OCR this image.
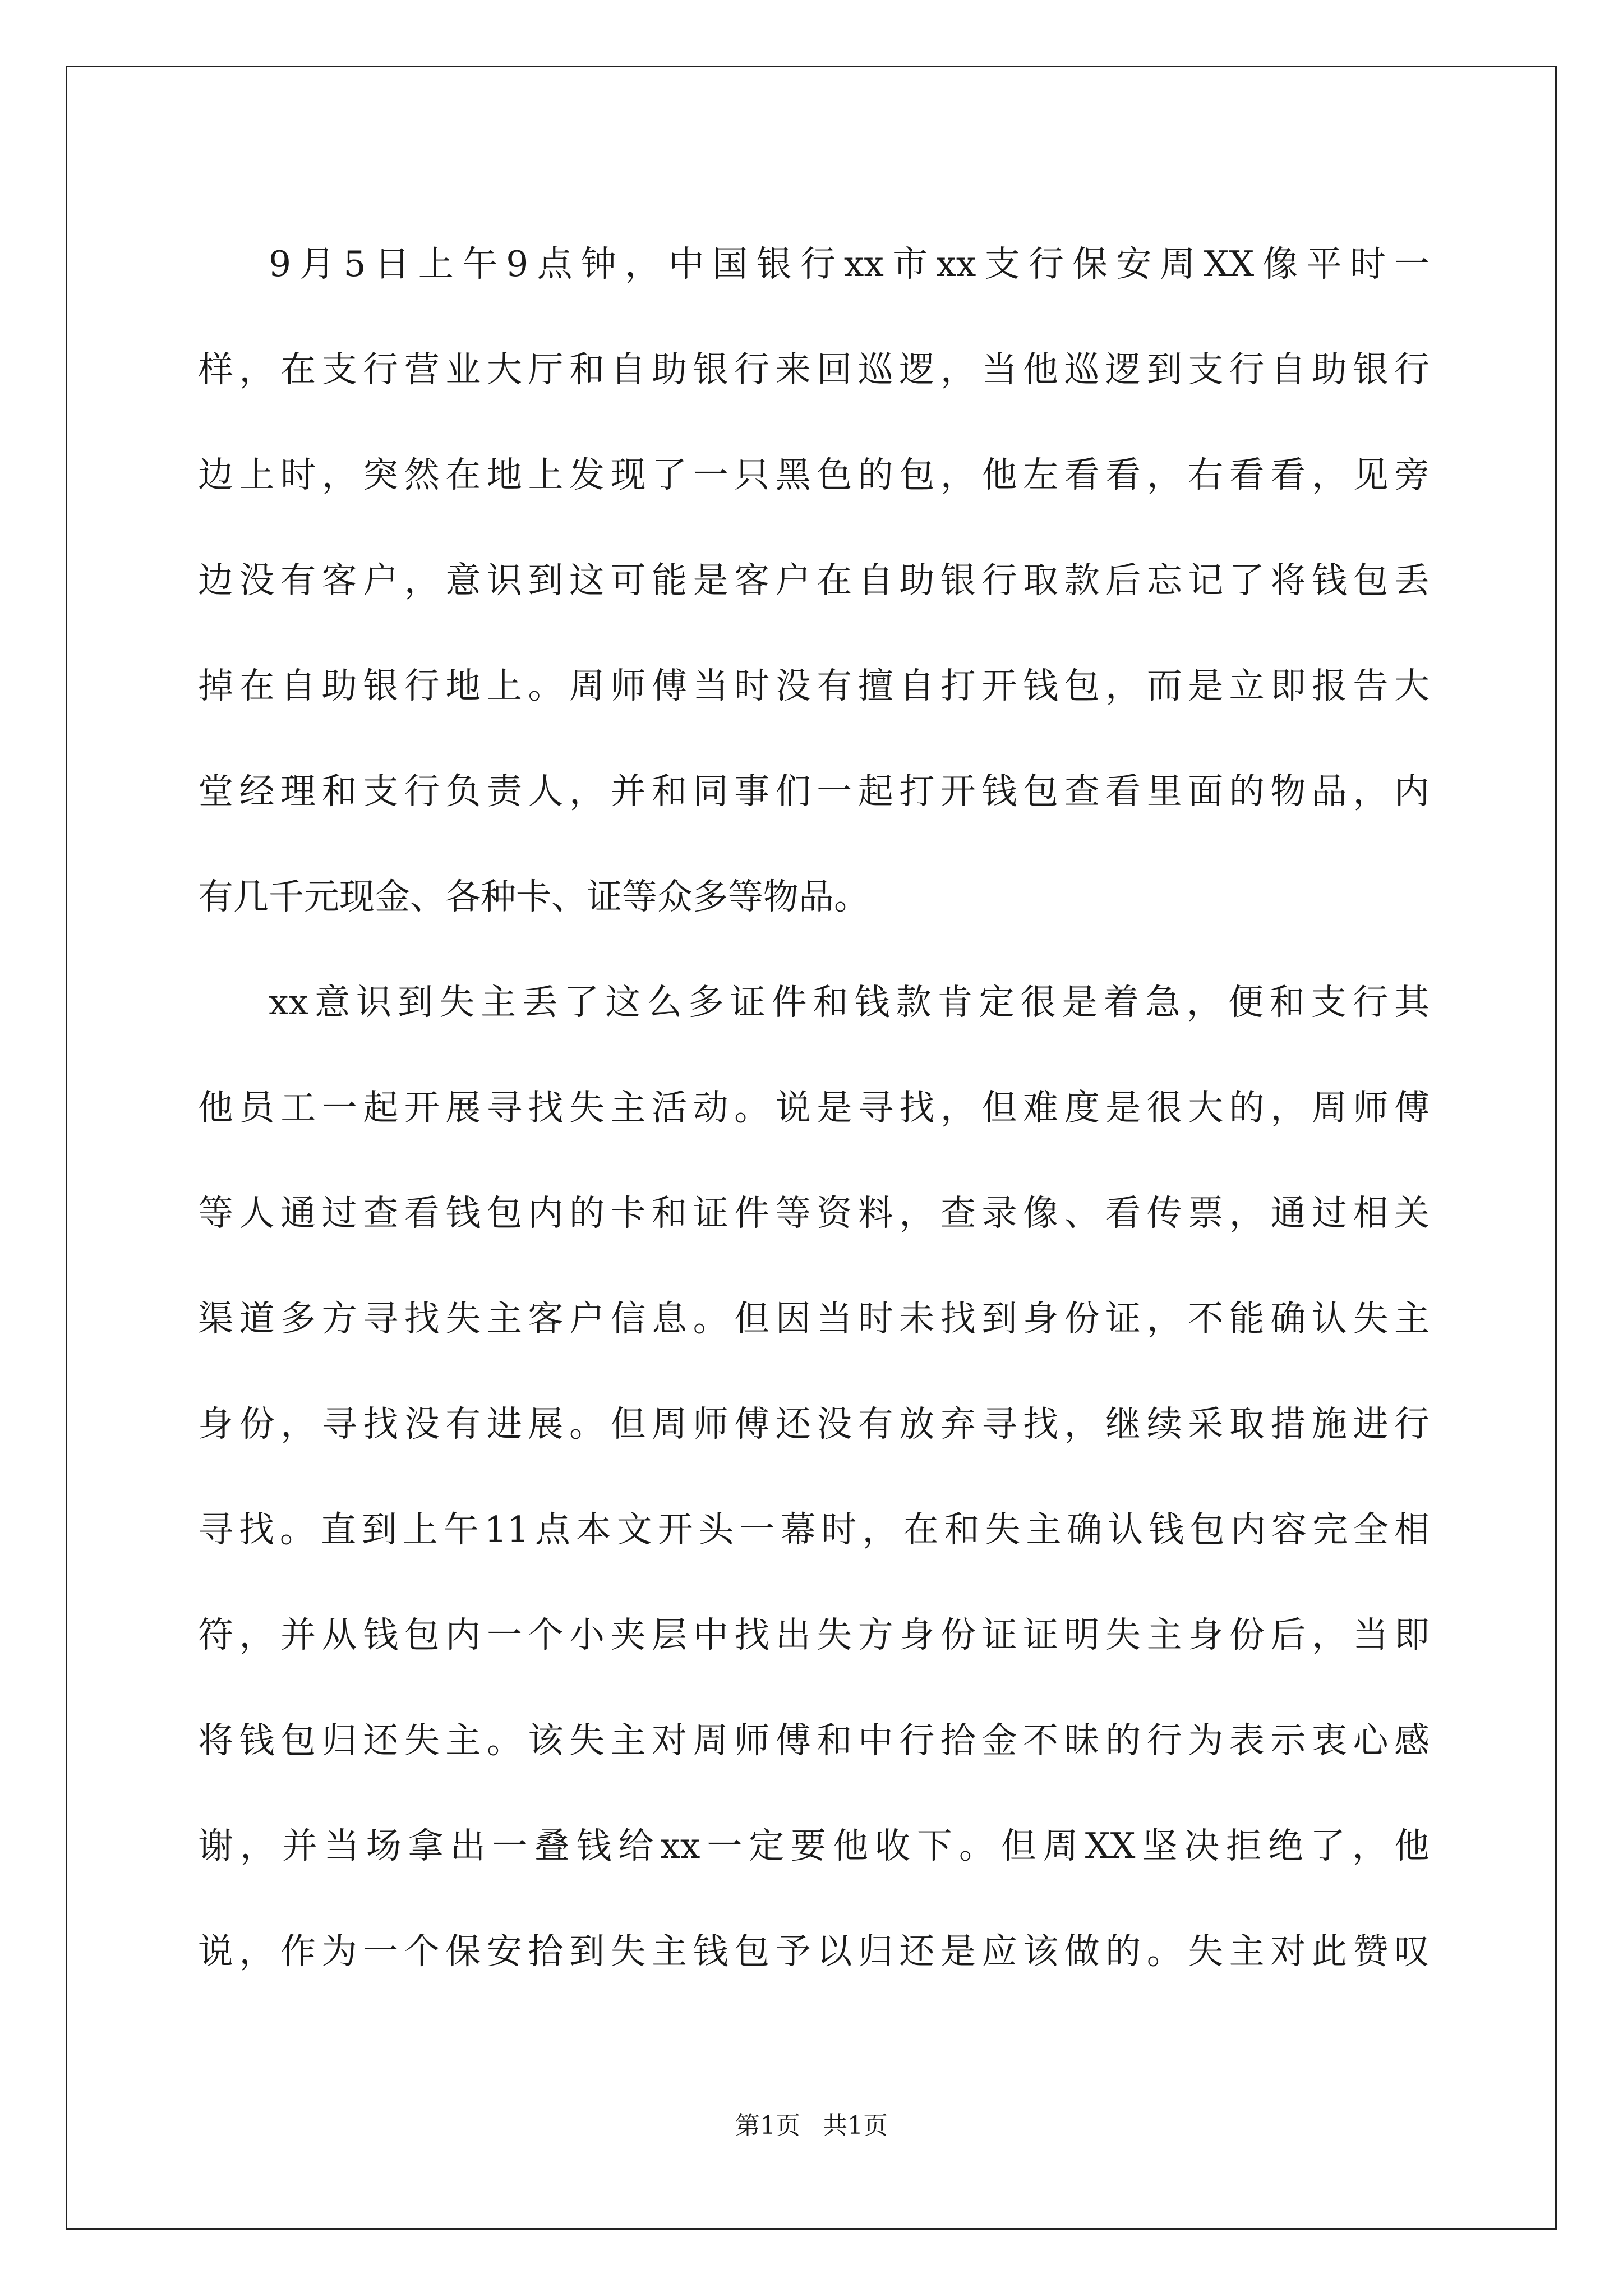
9月5日上午9点钟，中国银行xx市xx支行保安周XX像平时一
样，在支行营业大厅和自助银行来回巡逻，当他巡逻到支行自助银行
边上时，突然在地上发现了一只黑色的包，他左看看，右看看，见旁
边没有客户，意识到这可能是客户在自助银行取款后忘记了将钱包丢
掉在自助银行地上。周师傅当时没有擅自打开钱包，而是立即报告大
堂经理和支行负责人，并和同事们一起打开钱包查看里面的物品，内
有几千元现金、各种卡、证等众多等物品。
xx意识到失主丢了这么多证件和钱款肯定很是着急，便和支行其
他员工一起开展寻找失主活动。说是寻找，但难度是很大的，周师傅
等人通过查看钱包内的卡和证件等资料，查录像、看传票，通过相关
渠道多方寻找失主客户信息。但因当时未找到身份证，不能确认失主
身份，寻找没有进展。但周师傅还没有放弃寻找，继续采取措施进行
寻找。直到上午11点本文开头一幕时，在和失主确认钱包内容完全相
符，并从钱包内一个小夹层中找出失方身份证证明失主身份后，当即
将钱包归还失主。该失主对周师傅和中行拾金不昧的行为表示衷心感
谢，并当场拿出一叠钱给xx一定要他收下。但周XX坚决拒绝了，他
说，作为一个保安拾到失主钱包予以归还是应该做的。失主对此赞叹
第1页 共1页
